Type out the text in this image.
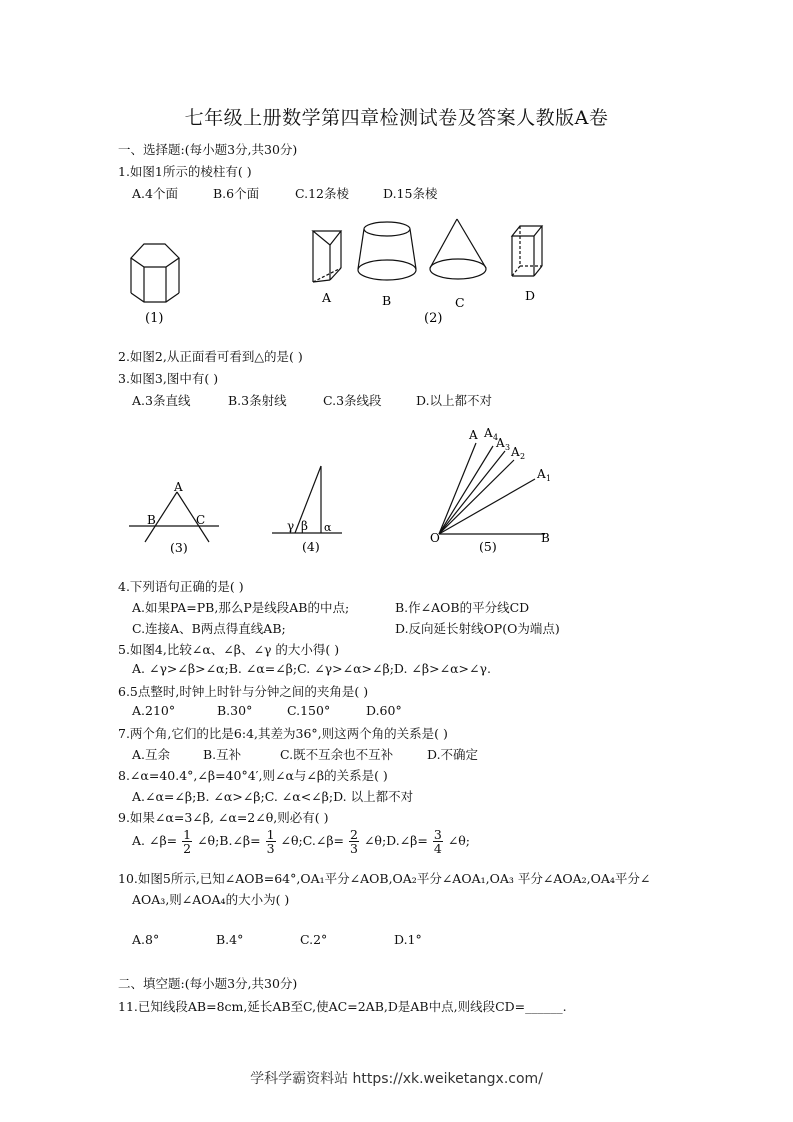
七年级上册数学第四章检测试卷及答案人教版A卷
一、选择题:(每小题3分,共30分)
1.如图1所示的棱柱有( )
A.4个面	B.6个面	C.12条棱	D.15条棱
(1)
A	B	C	D
(2)
2.如图2,从正面看可看到△的是( )
3.如图3,图中有( )
A.3条直线	B.3条射线	C.3条线段	D.以上都不对
A
B	C
(3)
γ β α
(4)
A A 4
A 3 A 2
A 1
O	B
(5)
4.下列语句正确的是( )
A.如果PA=PB,那么P是线段AB的中点;	B.作∠AOB的平分线CD
C.连接A、B两点得直线AB;	D.反向延长射线OP(O为端点)
5.如图4,比较∠α、∠β、∠γ 的大小得( )
A. ∠γ>∠β>∠α;B. ∠α=∠β;C. ∠γ>∠α>∠β;D. ∠β>∠α>∠γ.
6.5点整时,时钟上时针与分钟之间的夹角是( )
A.210°	B.30°	C.150°	D.60°
7.两个角,它们的比是6:4,其差为36°,则这两个角的关系是( )
A.互余	B.互补	C.既不互余也不互补	D.不确定
8.∠α=40.4°,∠β=40°4′,则∠α与∠β的关系是( )
A.∠α=∠β;B. ∠α>∠β;C. ∠α<∠β;D. 以上都不对
9.如果∠α=3∠β, ∠α=2∠θ,则必有( )
A. ∠β= $\frac{1}{2}$ ∠θ;B.∠β= $\frac{1}{3}$ ∠θ;C.∠β= $\frac{2}{3}$ ∠θ;D.∠β= $\frac{3}{4}$ ∠θ;
10.如图5所示,已知∠AOB=64°,OA₁平分∠AOB,OA₂平分∠AOA₁,OA₃ 平分∠AOA₂,OA₄平分∠
AOA₃,则∠AOA₄的大小为( )
A.8°	B.4°	C.2°	D.1°
二、填空题:(每小题3分,共30分)
11.已知线段AB=8cm,延长AB至C,使AC=2AB,D是AB中点,则线段CD=______.
学科学霸资料站 https://xk.weiketangx.com/
